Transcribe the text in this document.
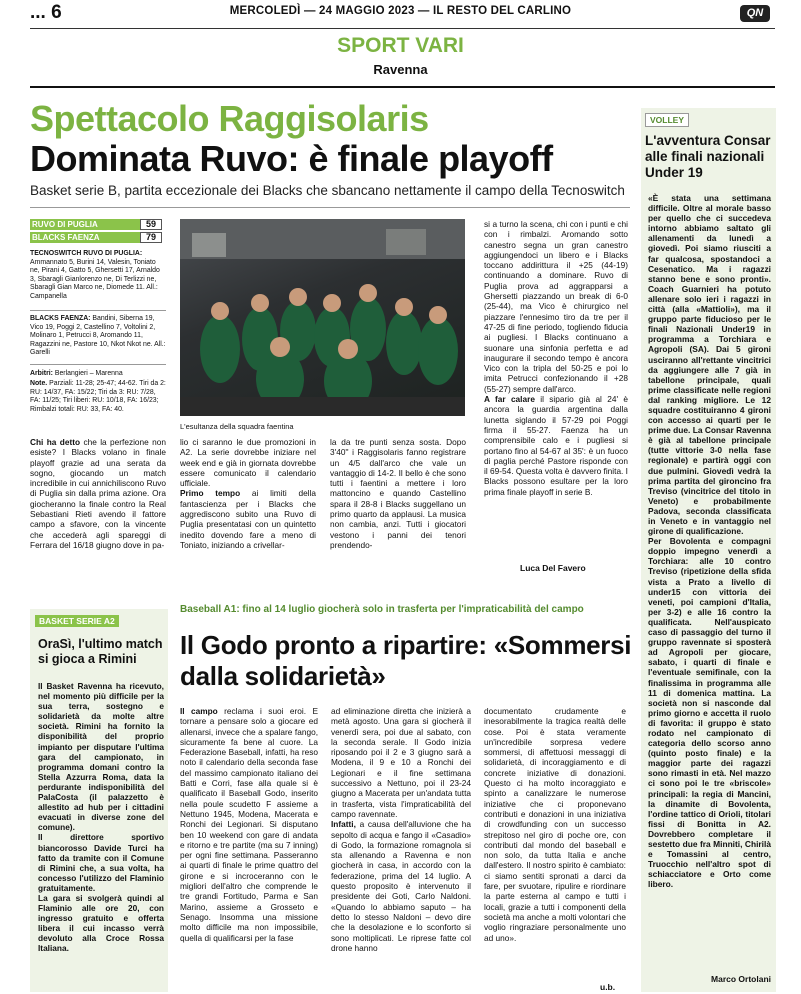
... 6	MERCOLEDÌ — 24 MAGGIO 2023 — IL RESTO DEL CARLINO	QN
SPORT VARI
Ravenna
Spettacolo Raggisolaris
Dominata Ruvo: è finale playoff
Basket serie B, partita eccezionale dei Blacks che sbancano nettamente il campo della Tecnoswitch
RUVO DI PUGLIA	59
BLACKS FAENZA	79
TECNOSWITCH RUVO DI PUGLIA: Ammannato 5, Burini 14, Valesin, Toniato ne, Pirani 4, Gatto 5, Ghersetti 17, Arnaldo 3, Sbaragli Gianlorenzo ne, Di Terlizzi ne, Sbaragli Gian Marco ne, Diomede 11. All.: Campanella
BLACKS FAENZA: Bandini, Siberna 19, Vico 19, Poggi 2, Castellino 7, Voltolini 2, Molinaro 1, Petrucci 8, Aromando 11, Ragazzini ne, Pastore 10, Nkot Nkot ne. All.: Garelli
Arbitri: Berlangieri – Marenna
Note. Parziali: 11-28; 25-47; 44-62. Tiri da 2: RU: 14/37, FA: 15/22; Tiri da 3: RU: 7/28, FA: 11/25; Tiri liberi: RU: 10/18, FA: 16/23; Rimbalzi totali: RU: 33, FA: 40.
L'esultanza della squadra faentina
Chi ha detto che la perfezione non esiste? I Blacks volano in finale playoff grazie ad una serata da sogno, giocando un match incredibile in cui annichiliscono Ruvo di Puglia sin dalla prima azione. Ora giocheranno la finale contro la Real Sebastiani Rieti avendo il fattore campo a sfavore, con la vincente che accederà agli spareggi di Ferrara del 16/18 giugno dove in pa-
lio ci saranno le due promozioni in A2. La serie dovrebbe iniziare nel week end e già in giornata dovrebbe essere comunicato il calendario ufficiale.
Primo tempo ai limiti della fantascienza per i Blacks che aggrediscono subito una Ruvo di Puglia presentatasi con un quintetto inedito dovendo fare a meno di Toniato, iniziando a crivellar-
la da tre punti senza sosta. Dopo 3'40'' i Raggisolaris fanno registrare un 4/5 dall'arco che vale un vantaggio di 14-2. Il bello è che sono tutti i faentini a mettere i loro mattoncino e quando Castellino spara il 28-8 i Blacks suggellano un primo quarto da applausi. La musica non cambia, anzi. Tutti i giocatori vestono i panni dei tenori prendendo-
si a turno la scena, chi con i punti e chi con i rimbalzi. Aromando sotto canestro segna un gran canestro aggiungendoci un libero e i Blacks toccano addirittura il +25 (44-19) continuando a dominare. Ruvo di Puglia prova ad aggrapparsi a Ghersetti piazzando un break di 6-0 (25-44), ma Vico è chirurgico nel piazzare l'ennesimo tiro da tre per il 47-25 di fine periodo, togliendo fiducia ai pugliesi. I Blacks continuano a suonare una sinfonia perfetta e ad inaugurare il secondo tempo è ancora Vico con la tripla del 50-25 e poi lo imita Petrucci confezionando il +28 (55-27) sempre dall'arco.
A far calare il sipario già al 24' è ancora la guardia argentina dalla lunetta siglando il 57-29 poi Poggi firma il 55-27. Faenza ha un comprensibile calo e i pugliesi si portano fino al 54-67 al 35': è un fuoco di paglia perché Pastore risponde con il 69-54. Questa volta è davvero finita. I Blacks possono esultare per la loro prima finale playoff in serie B.
Luca Del Favero
VOLLEY
L'avventura Consar alle finali nazionali Under 19

«È stata una settimana difficile. Oltre al morale basso per quello che ci succedeva intorno abbiamo saltato gli allenamenti da lunedì a giovedì. Poi siamo riusciti a far qualcosa, spostandoci a Cesenatico. Ma i ragazzi stanno bene e sono pronti». Coach Guarnieri ha potuto allenare solo ieri i ragazzi in città (alla «Mattioli»), ma il gruppo parte fiducioso per le finali Nazionali Under19 in programma a Torchiara e Agropoli (SA). Dai 5 gironi usciranno all'rettante vincitrici da aggiungere alle 7 già in tabellone principale, quali prime classificate nelle regioni dal ranking migliore. Le 12 squadre costituiranno 4 gironi con accesso ai quarti per le prime due. La Consar Ravenna è già al tabellone principale (tutte vittorie 3-0 nella fase regionale) e partirà oggi con due pulmini. Giovedì vedrà la prima partita del gironcino fra Treviso (vincitrice del titolo in Veneto) e probabilmente Padova, seconda classificata in Veneto e in vantaggio nel girone di qualificazione.

Per Bovolenta e compagni doppio impegno venerdì a Torchiara: alle 10 contro Treviso (ripetizione della sfida vista a Prato a livello di under15 con vittoria dei veneti, poi campioni d'Italia, per 3-2) e alle 16 contro la qualificata. Nell'auspicato caso di passaggio del turno il gruppo ravennate si sposterà ad Agropoli per giocare, sabato, i quarti di finale e l'eventuale semifinale, con la finalissima in programma alle 11 di domenica mattina. La società non si nasconde dal primo giorno e accetta il ruolo di favorita: il gruppo è stato rodato nel campionato di categoria dello scorso anno (quinto posto finale) e la maggior parte dei ragazzi sono rimasti in età. Nel mazzo ci sono poi le tre «briscole» principali: la regia di Mancini, la dinamite di Bovolenta, l'ordine tattico di Orioli, titolari fissi di Bonitta in A2. Dovrebbero completare il sestetto due fra Minniti, Chirilà e Tomassini al centro, Truocchio nell'altro spot di schiacciatore e Orto come libero.

Marco Ortolani
BASKET SERIE A2
OraSì, l'ultimo match si gioca a Rimini

Il Basket Ravenna ha ricevuto, nel momento più difficile per la sua terra, sostegno e solidarietà da molte altre società. Rimini ha fornito la disponibilità del proprio impianto per disputare l'ultima gara del campionato, in programma domani contro la Stella Azzurra Roma, data la perdurante indisponibilità del PalaCosta (il palazzetto è allestito ad hub per i cittadini evacuati in diverse zone del comune).

Il direttore sportivo biancorosso Davide Turci ha fatto da tramite con il Comune di Rimini che, a sua volta, ha concesso l'utilizzo del Flaminio gratuitamente.

La gara si svolgerà quindi al Flaminio alle ore 20, con ingresso gratuito e offerta libera il cui incasso verrà devoluto alla Croce Rossa Italiana.

Baseball A1: fino al 14 luglio giocherà solo in trasferta per l'impraticabilità del campo
Il Godo pronto a ripartire: «Sommersi dalla solidarietà»
Il campo reclama i suoi eroi. E tornare a pensare solo a giocare ed allenarsi, invece che a spalare fango, sicuramente fa bene al cuore. La Federazione Baseball, infatti, ha reso noto il calendario della seconda fase del massimo campionato italiano dei Batti e Corri, fase alla quale si è qualificato il Baseball Godo, inserito nella poule scudetto F assieme a Nettuno 1945, Modena, Macerata e Ronchi dei Legionari. Si disputano ben 10 weekend con gare di andata e ritorno e tre partite (ma su 7 inning) per ogni fine settimana. Passeranno ai quarti di finale le prime quattro del girone e si incroceranno con le migliori dell'altro che comprende le tre grandi Fortitudo, Parma e San Marino, assieme a Grosseto e Senago. Insomma una missione molto difficile ma non impossibile, quella di qualificarsi per la fase
ad eliminazione diretta che inizierà a metà agosto. Una gara si giocherà il venerdì sera, poi due al sabato, con la seconda serale. Il Godo inizia riposando poi il 2 e 3 giugno sarà a Modena, il 9 e 10 a Ronchi dei Legionari e il fine settimana successivo a Nettuno, poi il 23-24 giugno a Macerata per un'andata tutta in trasferta, vista l'impraticabilità del campo ravennate.
Infatti, a causa dell'alluvione che ha sepolto di acqua e fango il «Casadio» di Godo, la formazione romagnola si sta allenando a Ravenna e non giocherà in casa, in accordo con la federazione, prima del 14 luglio. A questo proposito è intervenuto il presidente dei Goti, Carlo Naldoni. «Quando lo abbiamo saputo – ha detto lo stesso Naldoni – devo dire che la desolazione e lo sconforto si sono moltiplicati. Le riprese fatte col drone hanno
documentato crudamente e inesorabilmente la tragica realtà delle cose. Poi è stata veramente un'incredibile sorpresa vedere sommersi, di affettuosi messaggi di solidarietà, di incoraggiamento e di concrete iniziative di donazioni. Questo ci ha molto incoraggiato e spinto a canalizzare le numerose iniziative che ci proponevano contributi e donazioni in una iniziativa di crowdfunding con un successo strepitoso nel giro di poche ore, con contributi dal mondo del baseball e non solo, da tutta Italia e anche dall'estero. Il nostro spirito è cambiato: ci siamo sentiti spronati a darci da fare, per svuotare, ripulire e riordinare la parte esterna al campo e tutti i locali, grazie a tutti i componenti della società ma anche a molti volontari che voglio ringraziare personalmente uno ad uno».
u.b.
